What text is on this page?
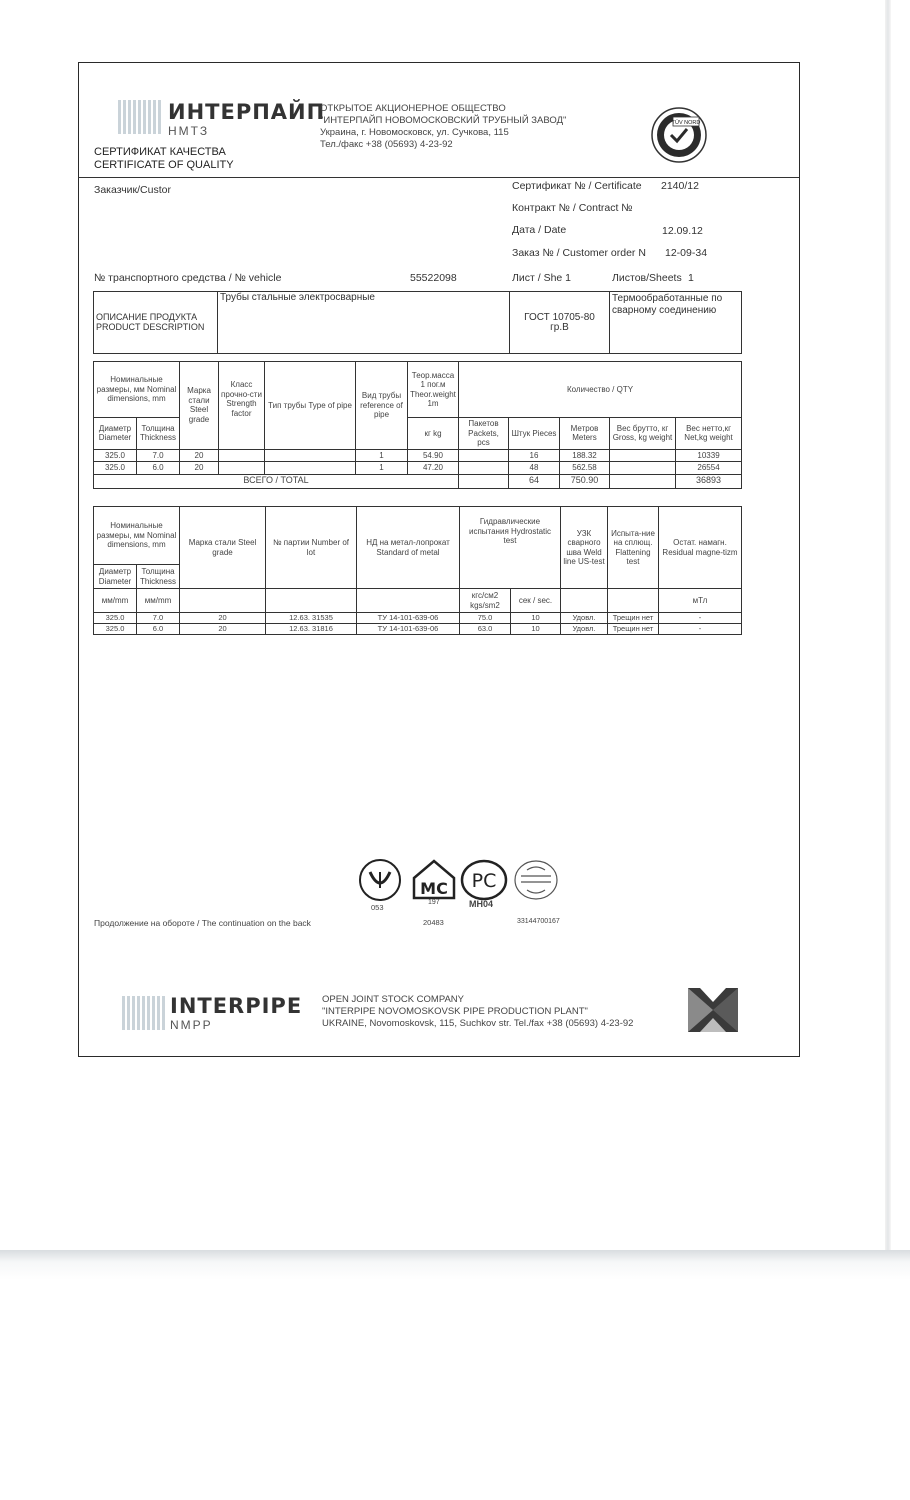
ИНТЕРПАЙП
НМТЗ
ОТКРЫТОЕ АКЦИОНЕРНОЕ ОБЩЕСТВО
"ИНТЕРПАЙП НОВОМОСКОВСКИЙ ТРУБНЫЙ ЗАВОД"
Украина, г. Новомосковск, ул. Сучкова, 115
Тел./факс +38 (05693) 4-23-92
TÜV NORD
СЕРТИФИКАТ КАЧЕСТВА
CERTIFICATE OF QUALITY
Заказчик/Custor	Сертификат № / Certificate 2140/12
Контракт № / Contract №
Дата / Date	12.09.12
Заказ № / Customer order N 12-09-34
№ транспортного средства / № vehicle	55522098	Лист / She 1	Листов/Sheets 1
ОПИСАНИЕ ПРОДУКТА
PRODUCT DESCRIPTION
	Трубы стальные электросварные	
ГОСТ 10705-80
гр.В
	Термообработанные по сварному соединению
Номинальные размеры, мм Nominal dimensions, mm		Марка стали Steel grade	Класс прочно-сти Strength factor	Тип трубы Type of pipe	Вид трубы reference of pipe	Теор.масса 1 пог.м Theor.weight 1m	Количество / QTY				
Диаметр Diameter	Толщина Thickness					кг kg	Пакетов Packets, pcs	Штук Pieces	Метров Meters	Вес брутто, кг Gross, kg weight	Вес нетто,кг Net,kg weight
325.0	7.0	20			1	54.90		16	188.32		10339
325.0	6.0	20			1	47.20		48	562.58		26554
ВСЕГО / TOTAL								64	750.90		36893
Номинальные размеры, мм Nominal dimensions, mm		Марка стали Steel grade	№ партии Number of lot	НД на метал-лопрокат Standard of metal	Гидравлические испытания Hydrostatic test		УЗК сварного шва Weld line US-test	Испыта-ние на сплющ. Flattening test	Остат. намагн. Residual magne-tizm
Диаметр Diameter	Толщина Thickness								
мм/mm	мм/mm				кгс/см2 kgs/sm2	сек / sec.			мТл
325.0	7.0	20	12.63. 31535	ТУ 14-101-639-06	75.0	10	Удовл.	Трещин нет	-
325.0	6.0	20	12.63. 31816	ТУ 14-101-639-06	63.0	10	Удовл.	Трещин нет	-
МС РС
053
197	МН04
20483	33144700167
Продолжение на обороте / The continuation on the back
INTERPIPE
NMPP
OPEN JOINT STOCK COMPANY
"INTERPIPE NOVOMOSKOVSK PIPE PRODUCTION PLANT"
UKRAINE, Novomoskovsk, 115, Suchkov str. Tel./fax +38 (05693) 4-23-92
